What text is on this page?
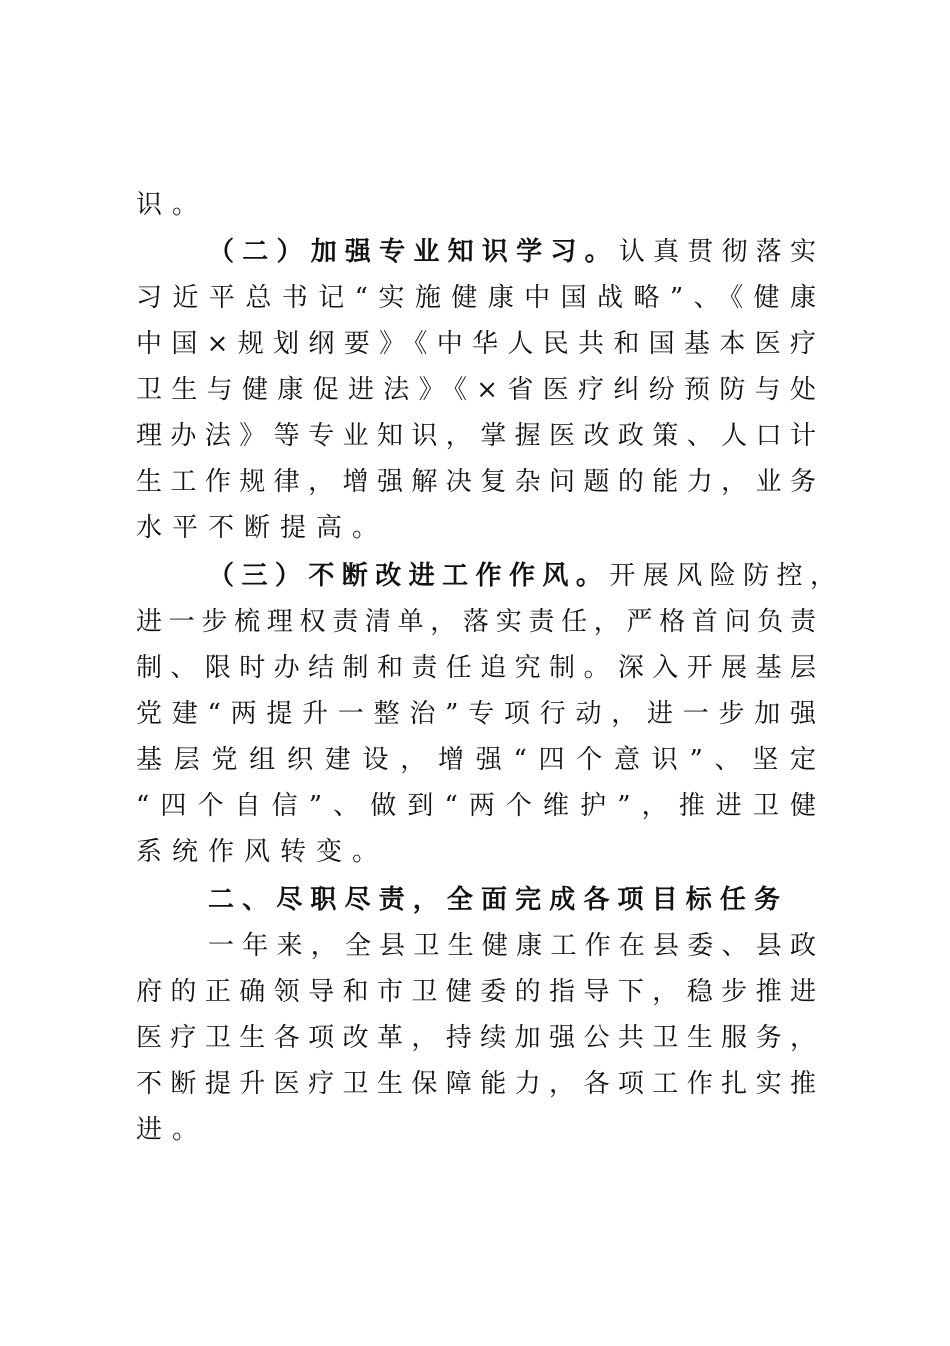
识。
（二）加强专业知识学习。认真贯彻落实
习近平总书记“实施健康中国战略”、《健康
中国×规划纲要》《中华人民共和国基本医疗
卫生与健康促进法》《×省医疗纠纷预防与处
理办法》等专业知识，掌握医改政策、人口计
生工作规律，增强解决复杂问题的能力，业务
水平不断提高。
（三）不断改进工作作风。开展风险防控，
进一步梳理权责清单，落实责任，严格首问负责
制、限时办结制和责任追究制。深入开展基层
党建“两提升一整治”专项行动，进一步加强
基层党组织建设，增强“四个意识”、坚定
“四个自信”、做到“两个维护”，推进卫健
系统作风转变。
二、尽职尽责，全面完成各项目标任务
一年来，全县卫生健康工作在县委、县政
府的正确领导和市卫健委的指导下，稳步推进
医疗卫生各项改革，持续加强公共卫生服务，
不断提升医疗卫生保障能力，各项工作扎实推
进。
